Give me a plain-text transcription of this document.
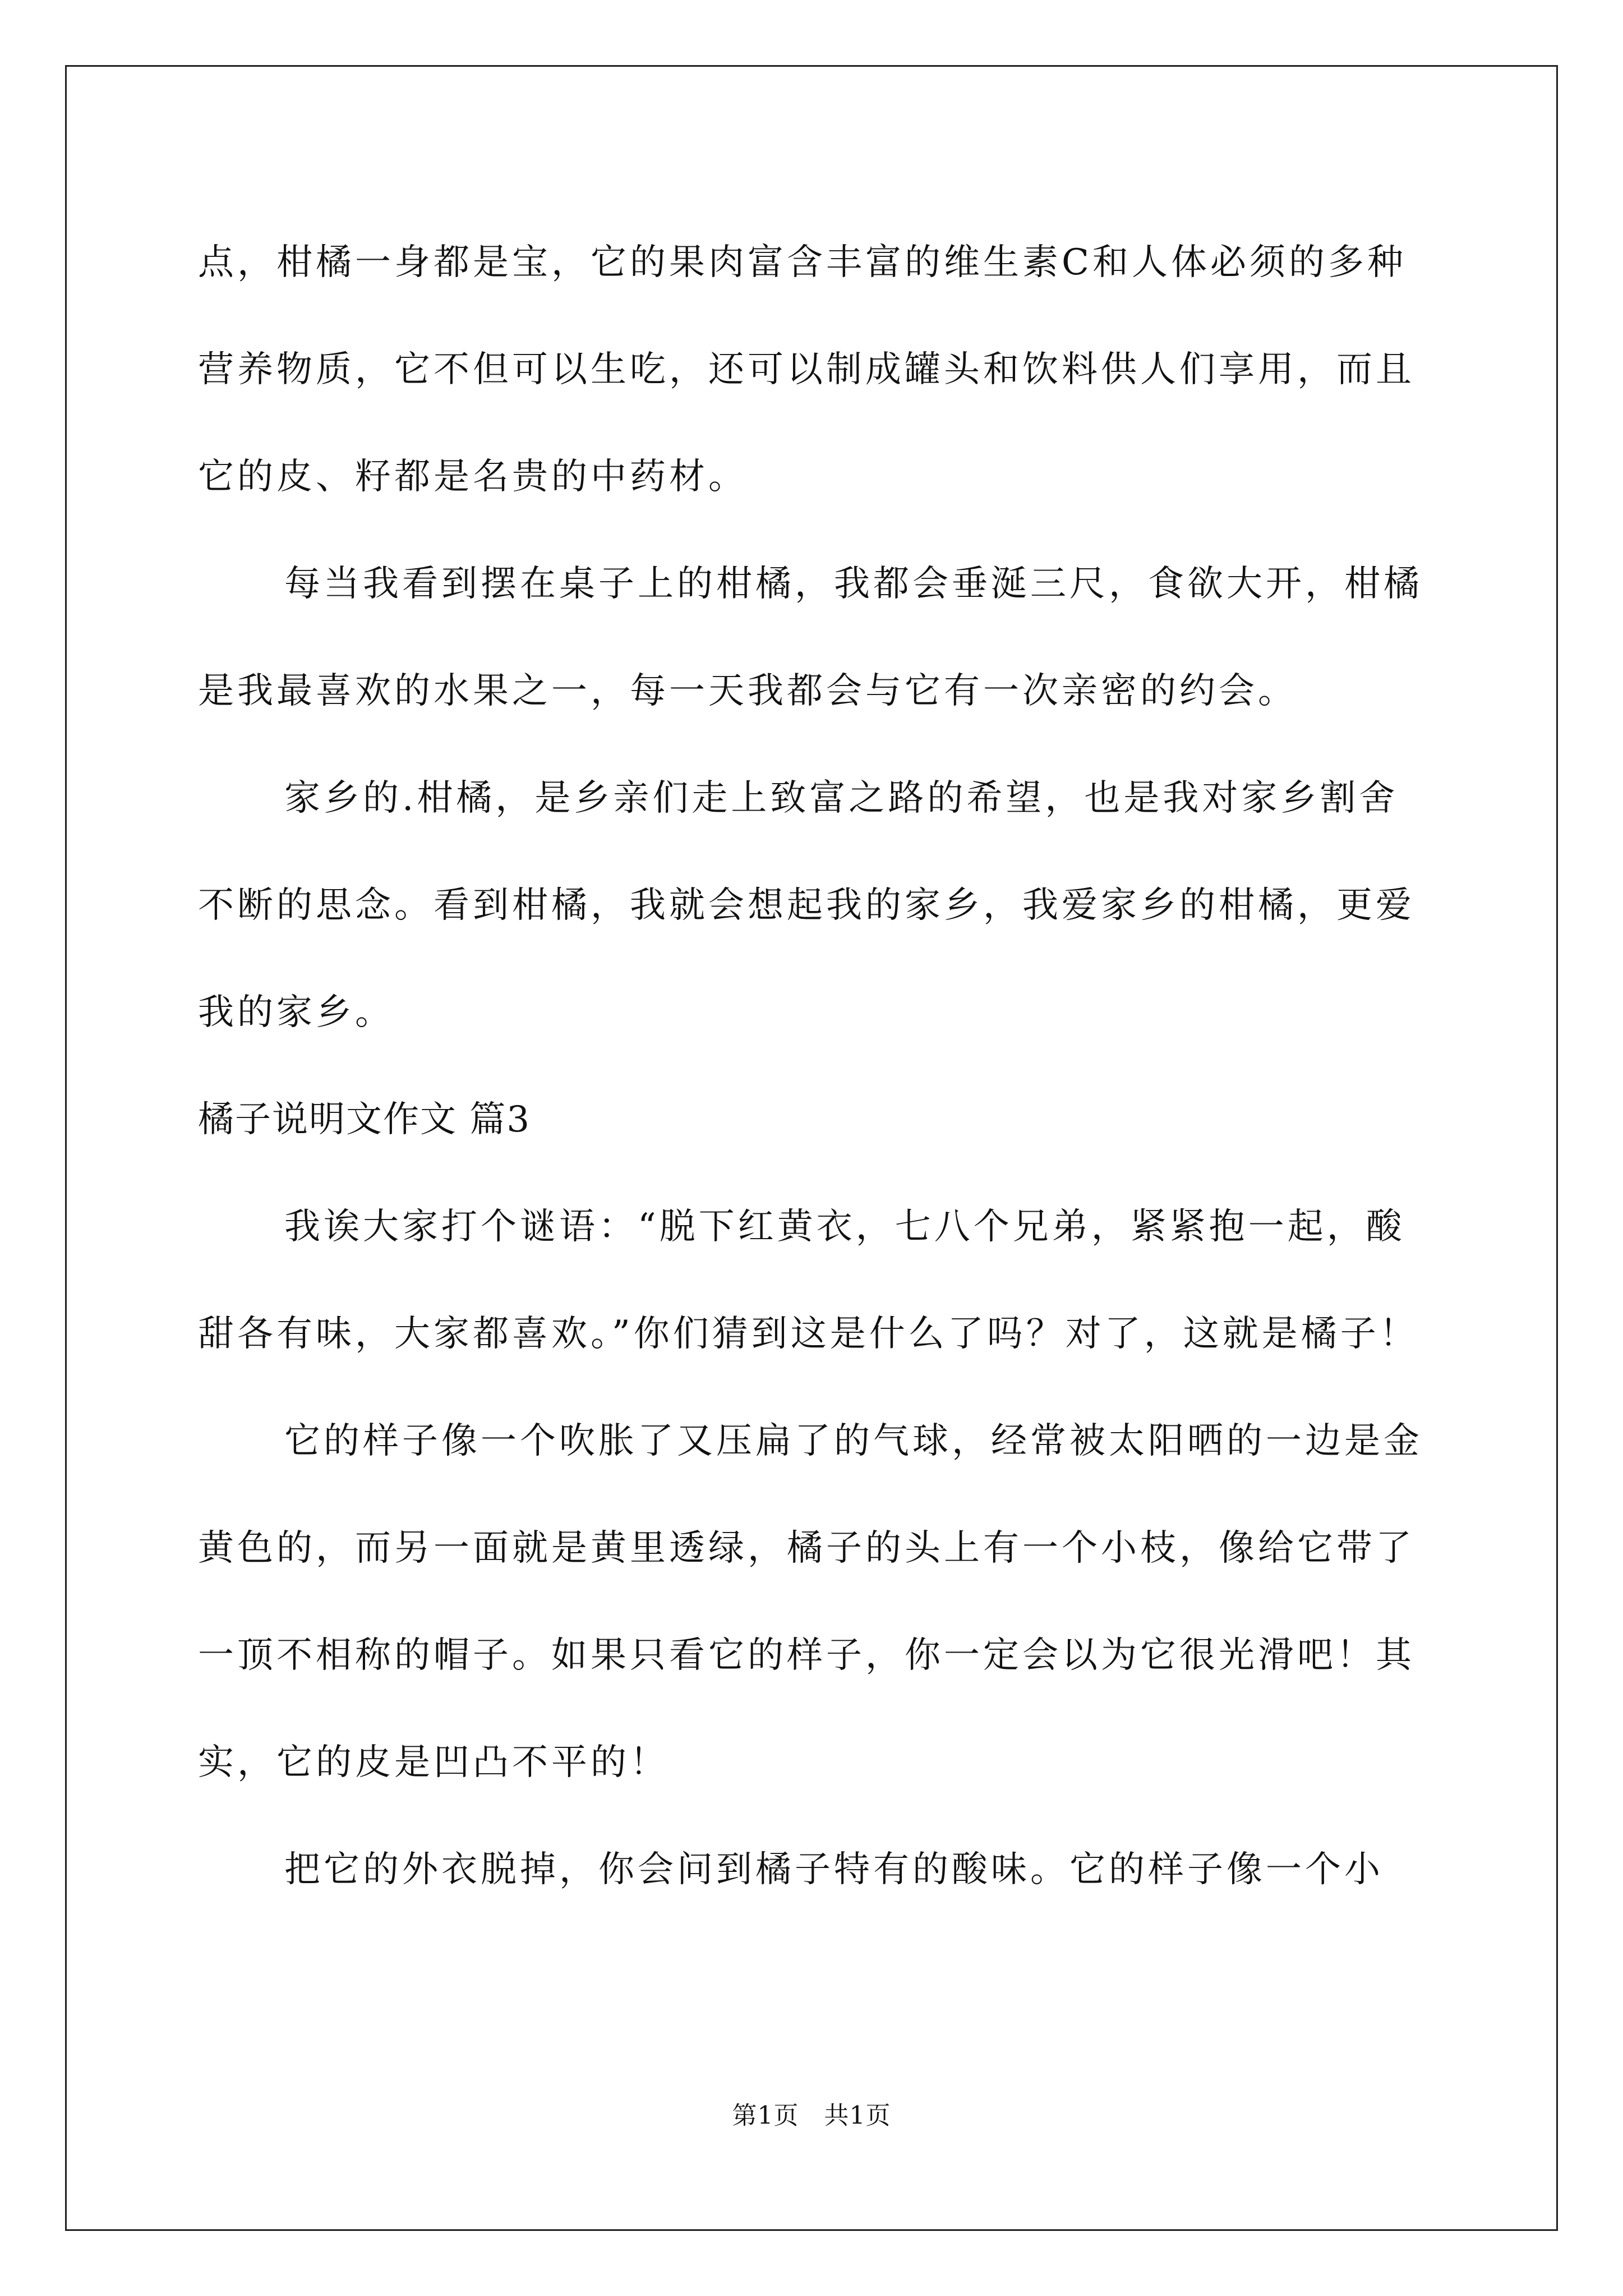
点，柑橘一身都是宝，它的果肉富含丰富的维生素C和人体必须的多种营养物质，它不但可以生吃，还可以制成罐头和饮料供人们享用，而且它的皮、籽都是名贵的中药材。

每当我看到摆在桌子上的柑橘，我都会垂涎三尺，食欲大开，柑橘是我最喜欢的水果之一，每一天我都会与它有一次亲密的约会。

家乡的.柑橘，是乡亲们走上致富之路的希望，也是我对家乡割舍不断的思念。看到柑橘，我就会想起我的家乡，我爱家乡的柑橘，更爱我的家乡。

橘子说明文作文 篇3

我诶大家打个谜语：“脱下红黄衣，七八个兄弟，紧紧抱一起，酸甜各有味，大家都喜欢。”你们猜到这是什么了吗？对了，这就是橘子！

它的样子像一个吹胀了又压扁了的气球，经常被太阳晒的一边是金黄色的，而另一面就是黄里透绿，橘子的头上有一个小枝，像给它带了一顶不相称的帽子。如果只看它的样子，你一定会以为它很光滑吧！其实，它的皮是凹凸不平的！

把它的外衣脱掉，你会问到橘子特有的酸味。它的样子像一个小

第1页　共1页
